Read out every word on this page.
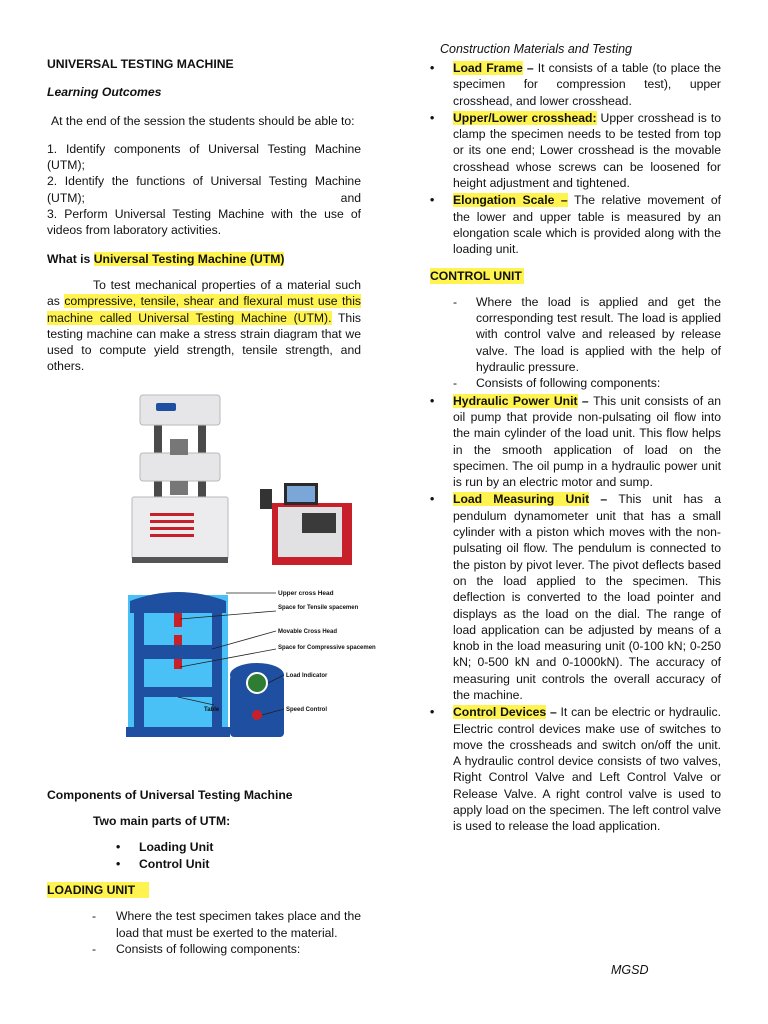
Construction Materials and Testing

UNIVERSAL TESTING MACHINE

Learning Outcomes

At the end of the session the students should be able to:

1. Identify components of Universal Testing Machine (UTM);

2. Identify the functions of Universal Testing Machine (UTM); and

3. Perform Universal Testing Machine with the use of videos from laboratory activities.

What is Universal Testing Machine (UTM)

To test mechanical properties of a material such as compressive, tensile, shear and flexural must use this machine called Universal Testing Machine (UTM). This testing machine can make a stress strain diagram that we used to compute yield strength, tensile strength, and others.

Upper cross Head
Space for Tensile spacemen
Movable Cross Head
Space for Compressive spacemen
Table
Load Indicator
Speed Control

Components of Universal Testing Machine

Two main parts of UTM:

• Loading Unit
• Control Unit

LOADING UNIT

- Where the test specimen takes place and the load that must be exerted to the material.
- Consists of following components:
• Load Frame – It consists of a table (to place the specimen for compression test), upper crosshead, and lower crosshead.
• Upper/Lower crosshead: Upper crosshead is to clamp the specimen needs to be tested from top or its one end; Lower crosshead is the movable crosshead whose screws can be loosened for height adjustment and tightened.
• Elongation Scale – The relative movement of the lower and upper table is measured by an elongation scale which is provided along with the loading unit.

CONTROL UNIT

- Where the load is applied and get the corresponding test result. The load is applied with control valve and released by release valve. The load is applied with the help of hydraulic pressure.
- Consists of following components:
• Hydraulic Power Unit – This unit consists of an oil pump that provide non-pulsating oil flow into the main cylinder of the load unit. This flow helps in the smooth application of load on the specimen. The oil pump in a hydraulic power unit is run by an electric motor and sump.
• Load Measuring Unit – This unit has a pendulum dynamometer unit that has a small cylinder with a piston which moves with the non-pulsating oil flow. The pendulum is connected to the piston by pivot lever. The pivot deflects based on the load applied to the specimen. This deflection is converted to the load pointer and displays as the load on the dial. The range of load application can be adjusted by means of a knob in the load measuring unit (0-100 kN; 0-250 kN; 0-500 kN and 0-1000kN). The accuracy of measuring unit controls the overall accuracy of the machine.
• Control Devices – It can be electric or hydraulic. Electric control devices make use of switches to move the crossheads and switch on/off the unit. A hydraulic control device consists of two valves, Right Control Valve and Left Control Valve or Release Valve. A right control valve is used to apply load on the specimen. The left control valve is used to release the load application.
MGSD
